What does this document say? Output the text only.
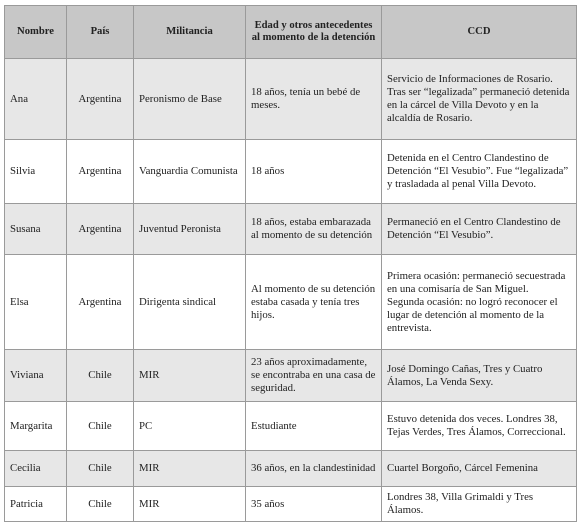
Nombre	País	Militancia	Edad y otros antecedentes al momento de la detención	CCD
Ana	Argentina	Peronismo de Base	18 años, tenía un bebé de meses.	Servicio de Informaciones de Rosario.
Tras ser “legalizada” permaneció detenida en la cárcel de Villa Devoto y en la alcaldía de Rosario.
Silvia	Argentina	Vanguardia Comunista	18 años	Detenida en el Centro Clandestino de Detención “El Vesubio”. Fue “legalizada” y trasladada al penal Villa Devoto.
Susana	Argentina	Juventud Peronista	18 años, estaba embarazada al momento de su detención	Permaneció en el Centro Clandestino de Detención “El Vesubio”.
Elsa	Argentina	Dirigenta sindical	Al momento de su detención estaba casada y tenía tres hijos.	Primera ocasión: permaneció secuestrada en una comisaría de San Miguel.
Segunda ocasión: no logró reconocer el lugar de detención al momento de la entrevista.
Viviana	Chile	MIR	23 años aproximadamente, se encontraba en una casa de seguridad.	José Domingo Cañas, Tres y Cuatro Álamos, La Venda Sexy.
Margarita	Chile	PC	Estudiante	Estuvo detenida dos veces. Londres 38, Tejas Verdes, Tres Álamos, Correccional.
Cecilia	Chile	MIR	36 años, en la clandestinidad	Cuartel Borgoño, Cárcel Femenina
Patricia	Chile	MIR	35 años	Londres 38, Villa Grimaldi y Tres Álamos.
